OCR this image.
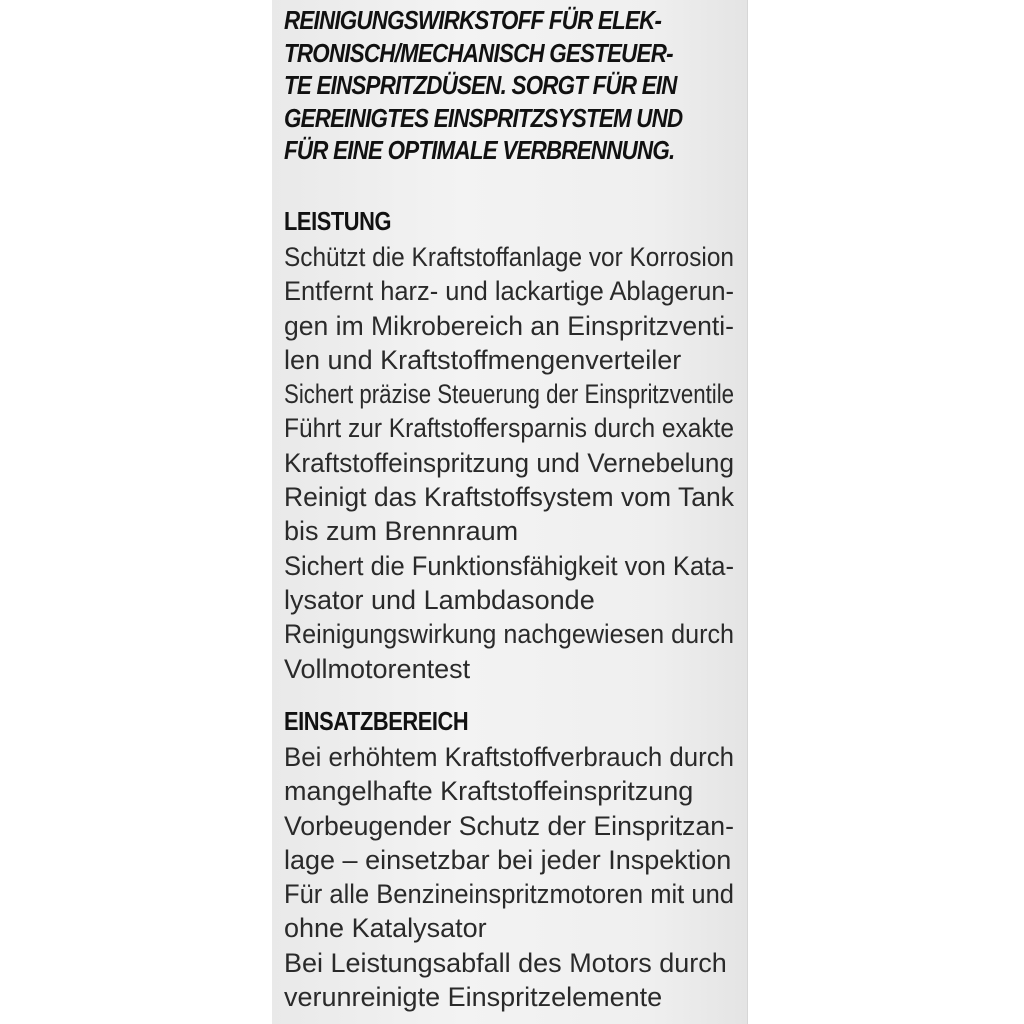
REINIGUNGSWIRKSTOFF FÜR ELEK-
TRONISCH/MECHANISCH GESTEUER-
TE EINSPRITZDÜSEN. SORGT FÜR EIN
GEREINIGTES EINSPRITZSYSTEM UND
FÜR EINE OPTIMALE VERBRENNUNG.
LEISTUNG
Schützt die Kraftstoffanlage vor Korrosion
Entfernt harz- und lackartige Ablagerun-
gen im Mikrobereich an Einspritzventi-
len und Kraftstoffmengenverteiler
Sichert präzise Steuerung der Einspritzventile
Führt zur Kraftstoffersparnis durch exakte
Kraftstoffeinspritzung und Vernebelung
Reinigt das Kraftstoffsystem vom Tank
bis zum Brennraum
Sichert die Funktionsfähigkeit von Kata-
lysator und Lambdasonde
Reinigungswirkung nachgewiesen durch
Vollmotorentest
EINSATZBEREICH
Bei erhöhtem Kraftstoffverbrauch durch
mangelhafte Kraftstoffeinspritzung
Vorbeugender Schutz der Einspritzan-
lage – einsetzbar bei jeder Inspektion
Für alle Benzineinspritzmotoren mit und
ohne Katalysator
Bei Leistungsabfall des Motors durch
verunreinigte Einspritzelemente
